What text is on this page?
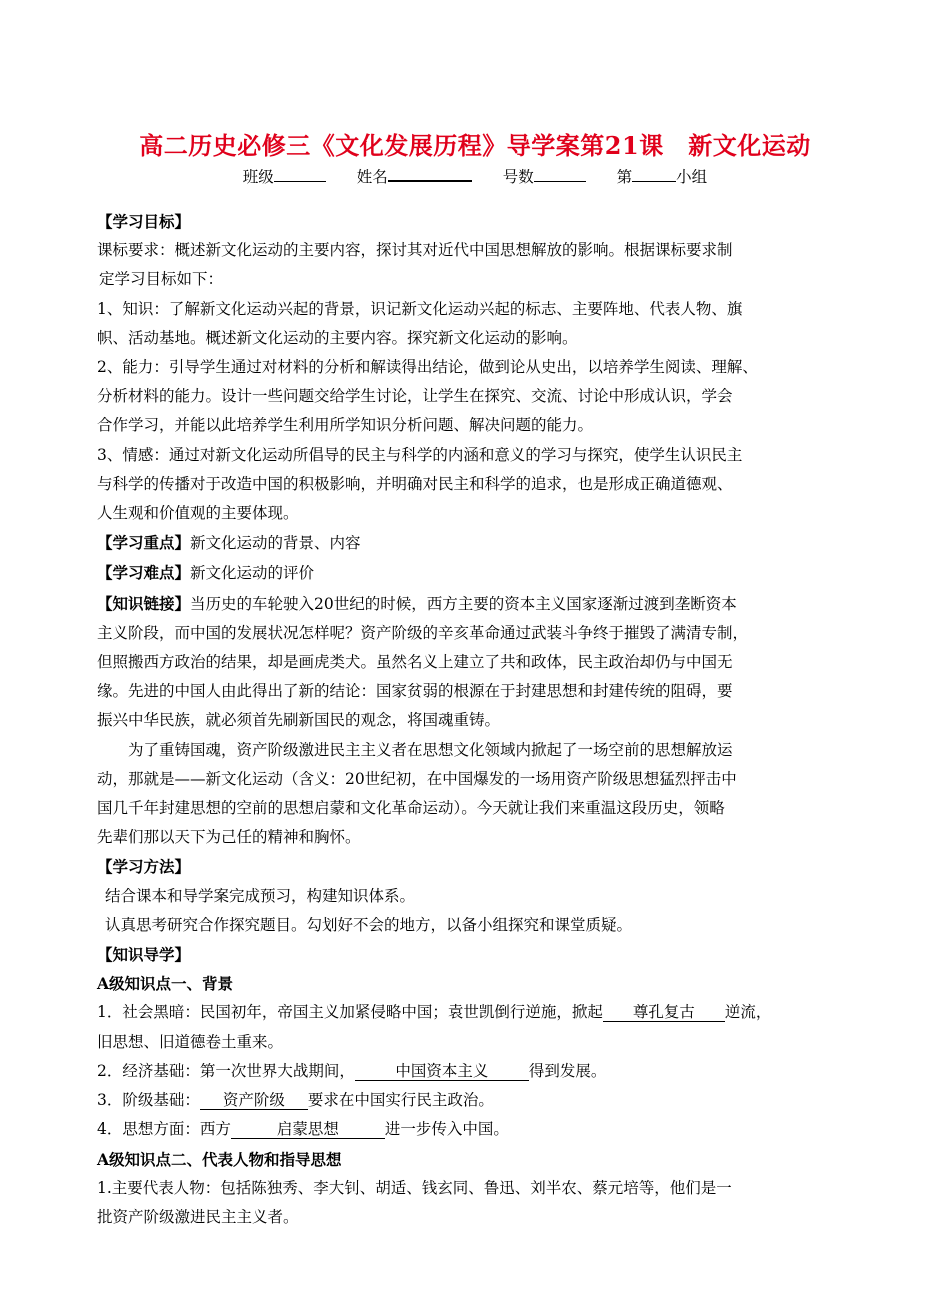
高二历史必修三《文化发展历程》导学案第21课　新文化运动
班级	姓名	号数	第	小组

【学习目标】

课标要求：概述新文化运动的主要内容，探讨其对近代中国思想解放的影响。根据课标要求制

定学习目标如下：

1、知识：了解新文化运动兴起的背景，识记新文化运动兴起的标志、主要阵地、代表人物、旗

帜、活动基地。概述新文化运动的主要内容。探究新文化运动的影响。

2、能力：引导学生通过对材料的分析和解读得出结论，做到论从史出，以培养学生阅读、理解、

分析材料的能力。设计一些问题交给学生讨论，让学生在探究、交流、讨论中形成认识，学会

合作学习，并能以此培养学生利用所学知识分析问题、解决问题的能力。

3、情感：通过对新文化运动所倡导的民主与科学的内涵和意义的学习与探究，使学生认识民主

与科学的传播对于改造中国的积极影响，并明确对民主和科学的追求，也是形成正确道德观、

人生观和价值观的主要体现。

【学习重点】新文化运动的背景、内容

【学习难点】新文化运动的评价

【知识链接】当历史的车轮驶入20世纪的时候，西方主要的资本主义国家逐渐过渡到垄断资本

主义阶段，而中国的发展状况怎样呢？资产阶级的辛亥革命通过武装斗争终于摧毁了满清专制，

但照搬西方政治的结果，却是画虎类犬。虽然名义上建立了共和政体，民主政治却仍与中国无

缘。先进的中国人由此得出了新的结论：国家贫弱的根源在于封建思想和封建传统的阻碍，要

振兴中华民族，就必须首先刷新国民的观念，将国魂重铸。

为了重铸国魂，资产阶级激进民主主义者在思想文化领域内掀起了一场空前的思想解放运

动，那就是——新文化运动（含义：20世纪初，在中国爆发的一场用资产阶级思想猛烈抨击中

国几千年封建思想的空前的思想启蒙和文化革命运动）。今天就让我们来重温这段历史，领略

先辈们那以天下为己任的精神和胸怀。

【学习方法】

结合课本和导学案完成预习，构建知识体系。

认真思考研究合作探究题目。勾划好不会的地方，以备小组探究和课堂质疑。

【知识导学】

A级知识点一、背景

1．社会黑暗：民国初年，帝国主义加紧侵略中国；袁世凯倒行逆施，掀起 尊孔复古 逆流，

旧思想、旧道德卷土重来。

2．经济基础：第一次世界大战期间，	中国资本主义	得到发展。

3．阶级基础： 资产阶级 要求在中国实行民主政治。

4．思想方面：西方	启蒙思想	进一步传入中国。

A级知识点二、代表人物和指导思想

1.主要代表人物：包括陈独秀、李大钊、胡适、钱玄同、鲁迅、刘半农、蔡元培等，他们是一

批资产阶级激进民主主义者。
